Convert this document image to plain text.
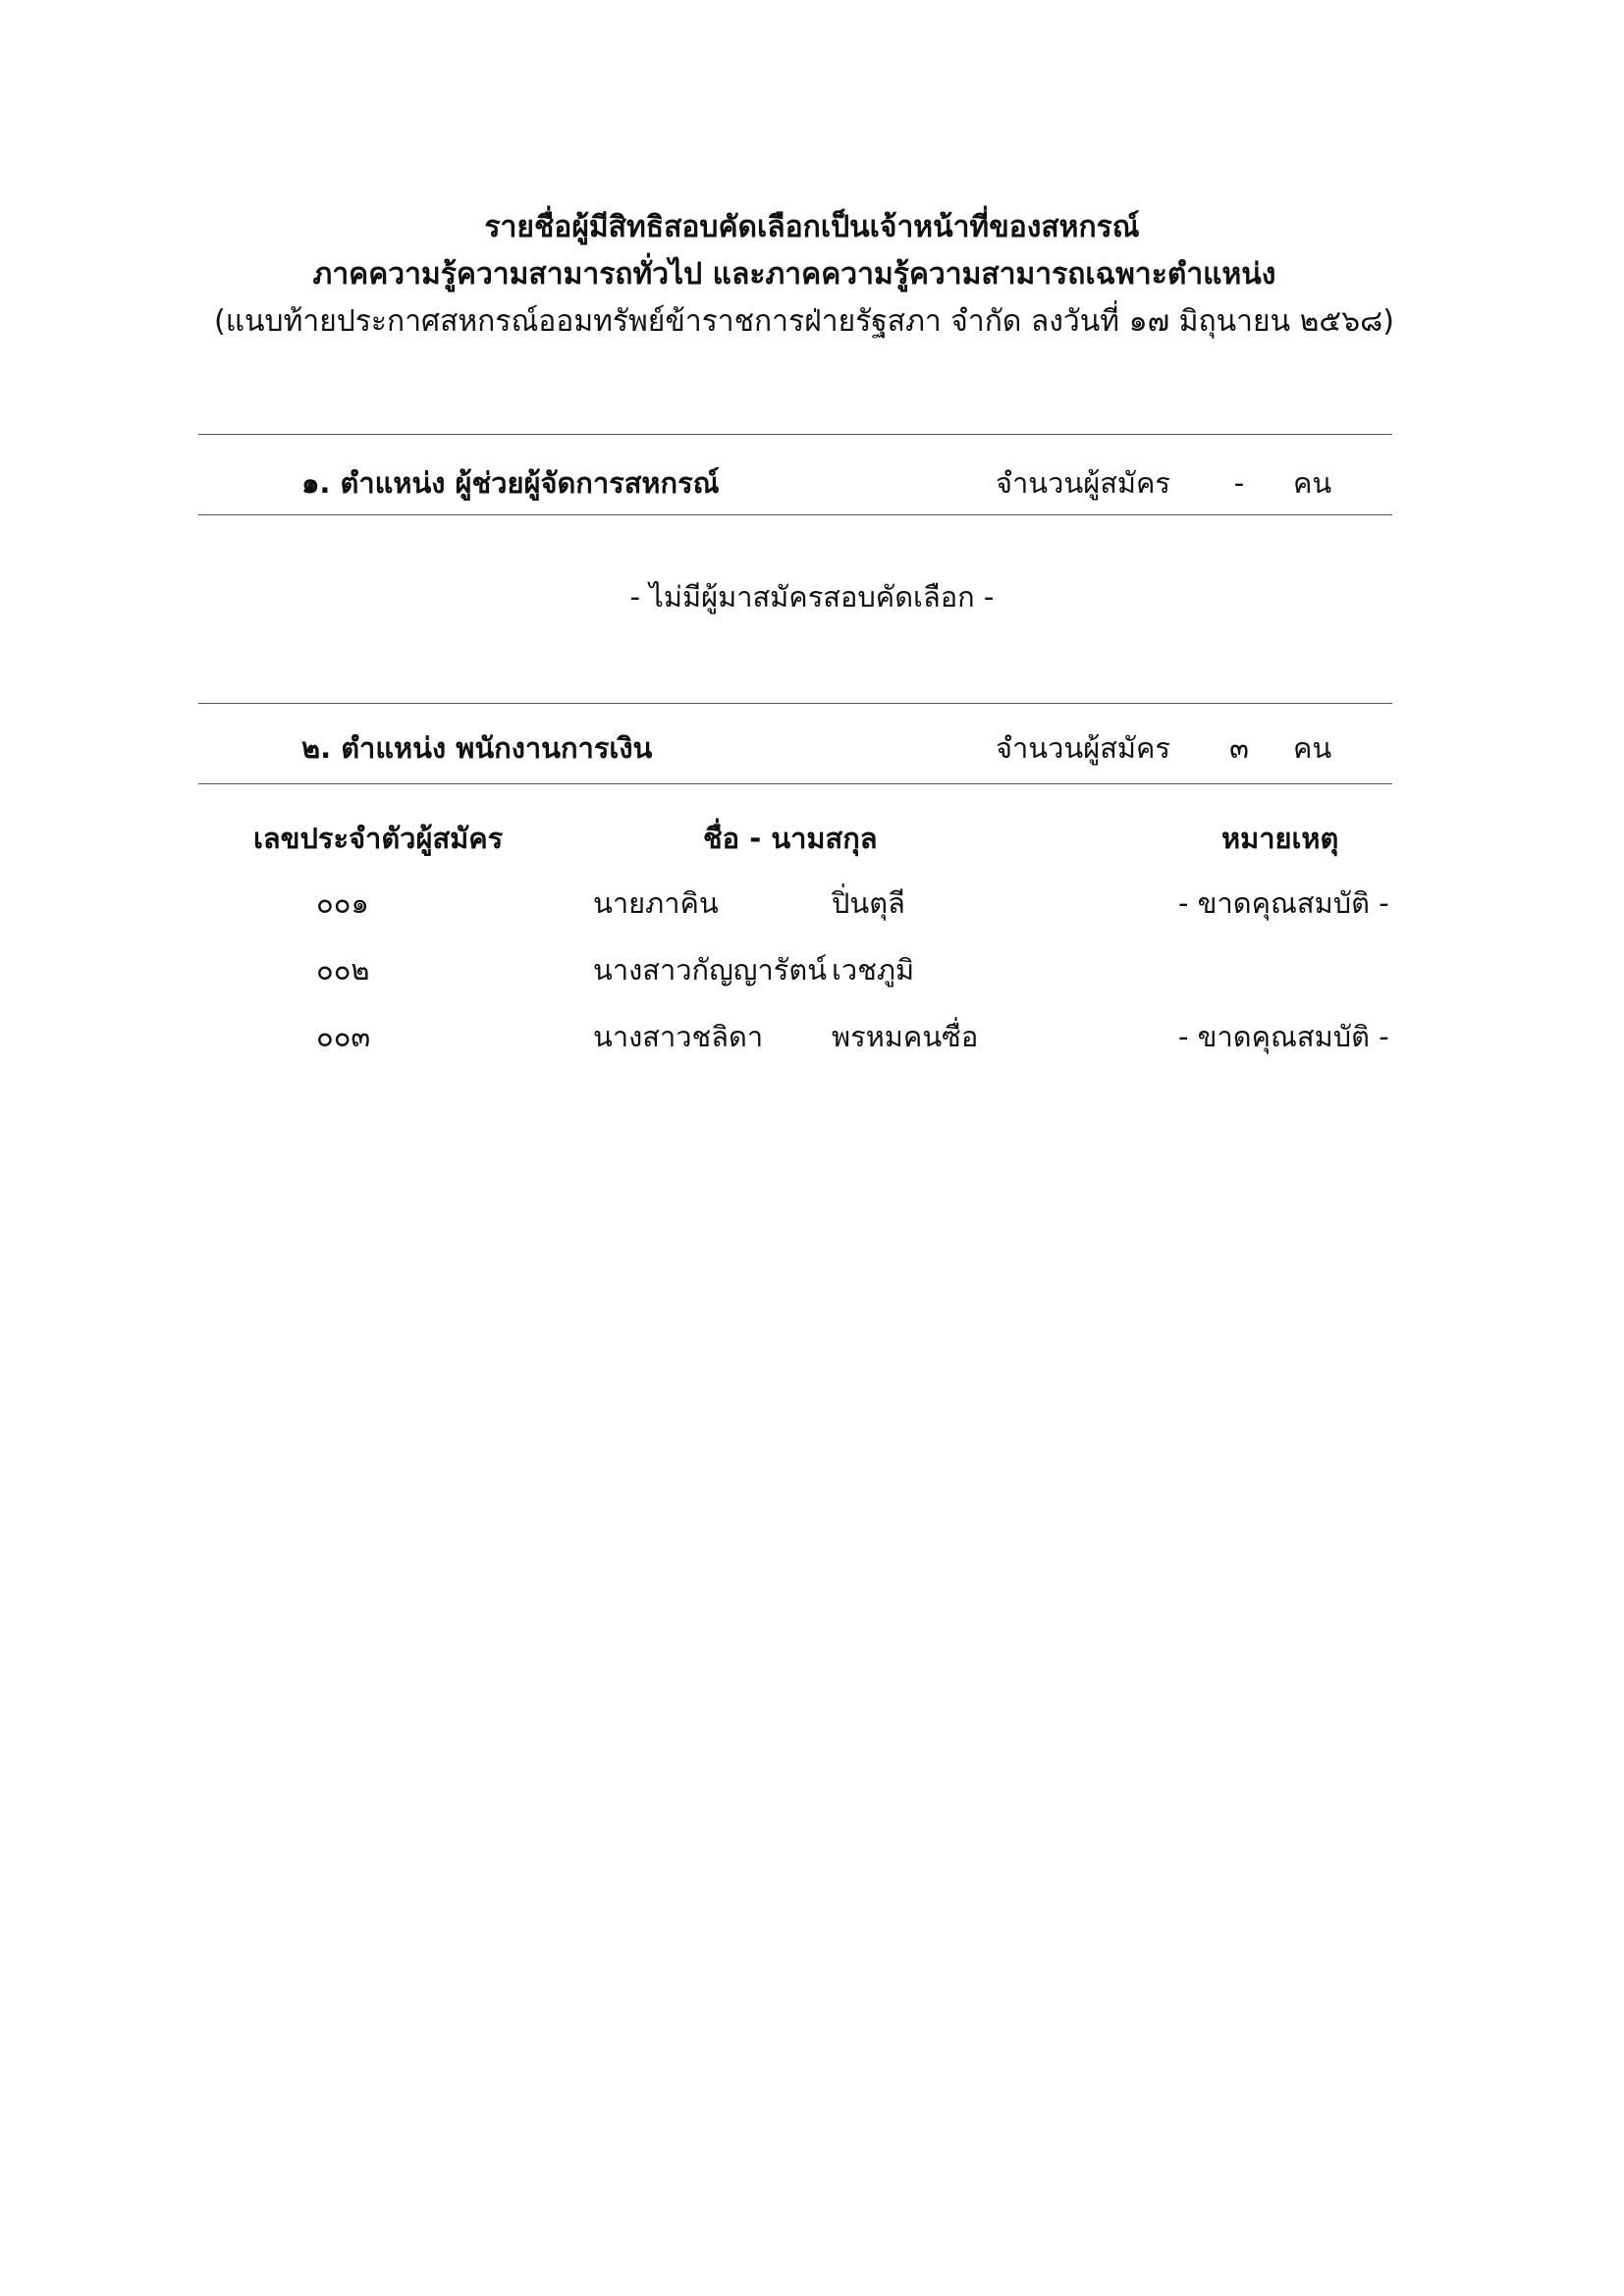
รายชื่อผู้มีสิทธิสอบคัดเลือกเป็นเจ้าหน้าที่ของสหกรณ์
ภาคความรู้ความสามารถทั่วไป และภาคความรู้ความสามารถเฉพาะตำแหน่ง
(แนบท้ายประกาศสหกรณ์ออมทรัพย์ข้าราชการฝ่ายรัฐสภา จำกัด ลงวันที่ ๑๗ มิถุนายน ๒๕๖๘)
๑. ตำแหน่ง ผู้ช่วยผู้จัดการสหกรณ์	จำนวนผู้สมัคร	-	คน
- ไม่มีผู้มาสมัครสอบคัดเลือก -
๒. ตำแหน่ง พนักงานการเงิน	จำนวนผู้สมัคร ๓ คน
เลขประจำตัวผู้สมัคร	ชื่อ - นามสกุล	หมายเหตุ
๐๐๑	นายภาคิน	ปิ่นตุลี	- ขาดคุณสมบัติ -
๐๐๒	นางสาวกัญญารัตน์ เวชภูมิ
๐๐๓	นางสาวชลิดา พรหมคนซื่อ	- ขาดคุณสมบัติ -
